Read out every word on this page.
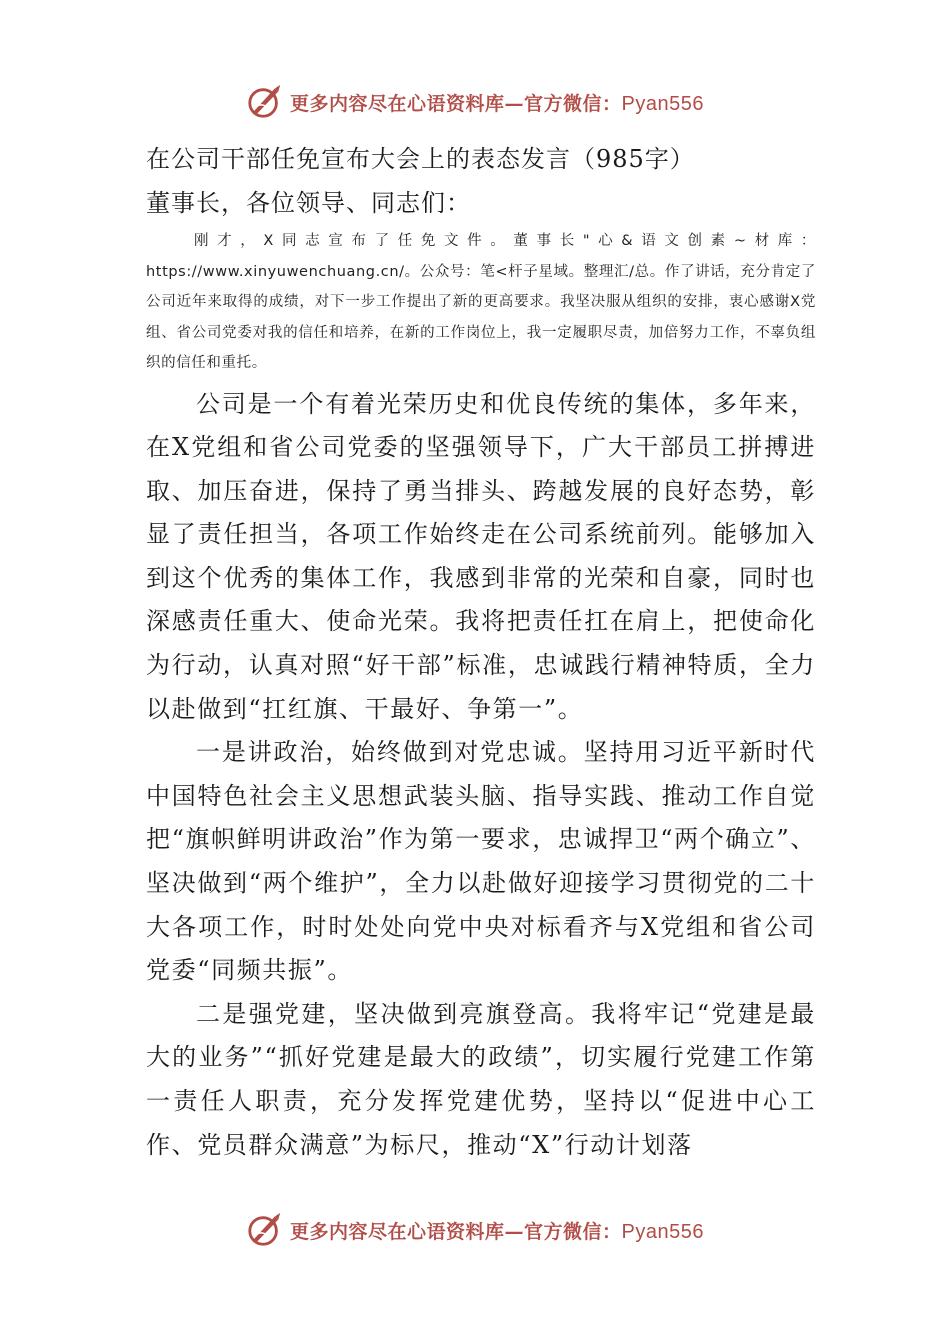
更多内容尽在心语资料库—官方微信：Pyan556
在公司干部任免宣布大会上的表态发言（985字）

董事长，各位领导、同志们：

刚才，X同志宣布了任免文件。董事长"心&语文创素~材库：https://www.xinyuwenchuang.cn/。公众号：笔<杆子星域。整理汇/总。作了讲话，充分肯定了公司近年来取得的成绩，对下一步工作提出了新的更高要求。我坚决服从组织的安排，衷心感谢X党组、省公司党委对我的信任和培养，在新的工作岗位上，我一定履职尽责，加倍努力工作，不辜负组织的信任和重托。

公司是一个有着光荣历史和优良传统的集体，多年来，在X党组和省公司党委的坚强领导下，广大干部员工拼搏进取、加压奋进，保持了勇当排头、跨越发展的良好态势，彰显了责任担当，各项工作始终走在公司系统前列。能够加入到这个优秀的集体工作，我感到非常的光荣和自豪，同时也深感责任重大、使命光荣。我将把责任扛在肩上，把使命化为行动，认真对照“好干部”标准，忠诚践行精神特质，全力以赴做到“扛红旗、干最好、争第一”。

一是讲政治，始终做到对党忠诚。坚持用习近平新时代中国特色社会主义思想武装头脑、指导实践、推动工作自觉把“旗帜鲜明讲政治”作为第一要求，忠诚捍卫“两个确立”、坚决做到“两个维护”，全力以赴做好迎接学习贯彻党的二十大各项工作，时时处处向党中央对标看齐与X党组和省公司党委“同频共振”。

二是强党建，坚决做到亮旗登高。我将牢记“党建是最大的业务”“抓好党建是最大的政绩”，切实履行党建工作第一责任人职责，充分发挥党建优势，坚持以“促进中心工作、党员群众满意”为标尺，推动“X”行动计划落

更多内容尽在心语资料库—官方微信：Pyan556
